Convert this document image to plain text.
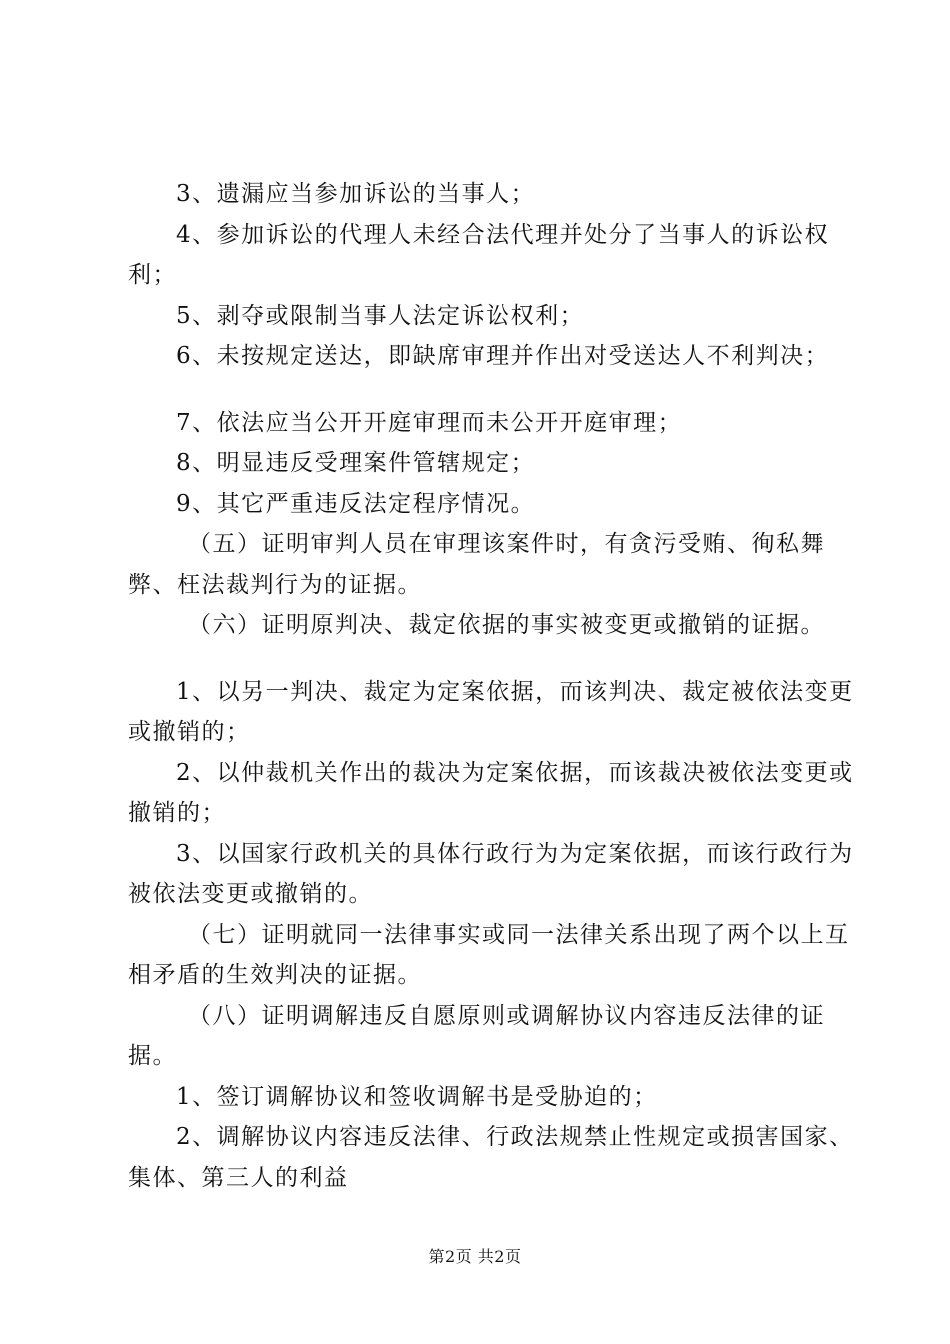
3、遗漏应当参加诉讼的当事人；

4、参加诉讼的代理人未经合法代理并处分了当事人的诉讼权利；

5、剥夺或限制当事人法定诉讼权利；

6、未按规定送达，即缺席审理并作出对受送达人不利判决；

7、依法应当公开开庭审理而未公开开庭审理；

8、明显违反受理案件管辖规定；

9、其它严重违反法定程序情况。

（五）证明审判人员在审理该案件时，有贪污受贿、徇私舞弊、枉法裁判行为的证据。

（六）证明原判决、裁定依据的事实被变更或撤销的证据。

1、以另一判决、裁定为定案依据，而该判决、裁定被依法变更或撤销的；

2、以仲裁机关作出的裁决为定案依据，而该裁决被依法变更或撤销的；

3、以国家行政机关的具体行政行为为定案依据，而该行政行为被依法变更或撤销的。

（七）证明就同一法律事实或同一法律关系出现了两个以上互相矛盾的生效判决的证据。

（八）证明调解违反自愿原则或调解协议内容违反法律的证据。

1、签订调解协议和签收调解书是受胁迫的；

2、调解协议内容违反法律、行政法规禁止性规定或损害国家、集体、第三人的利益

第2页 共2页
